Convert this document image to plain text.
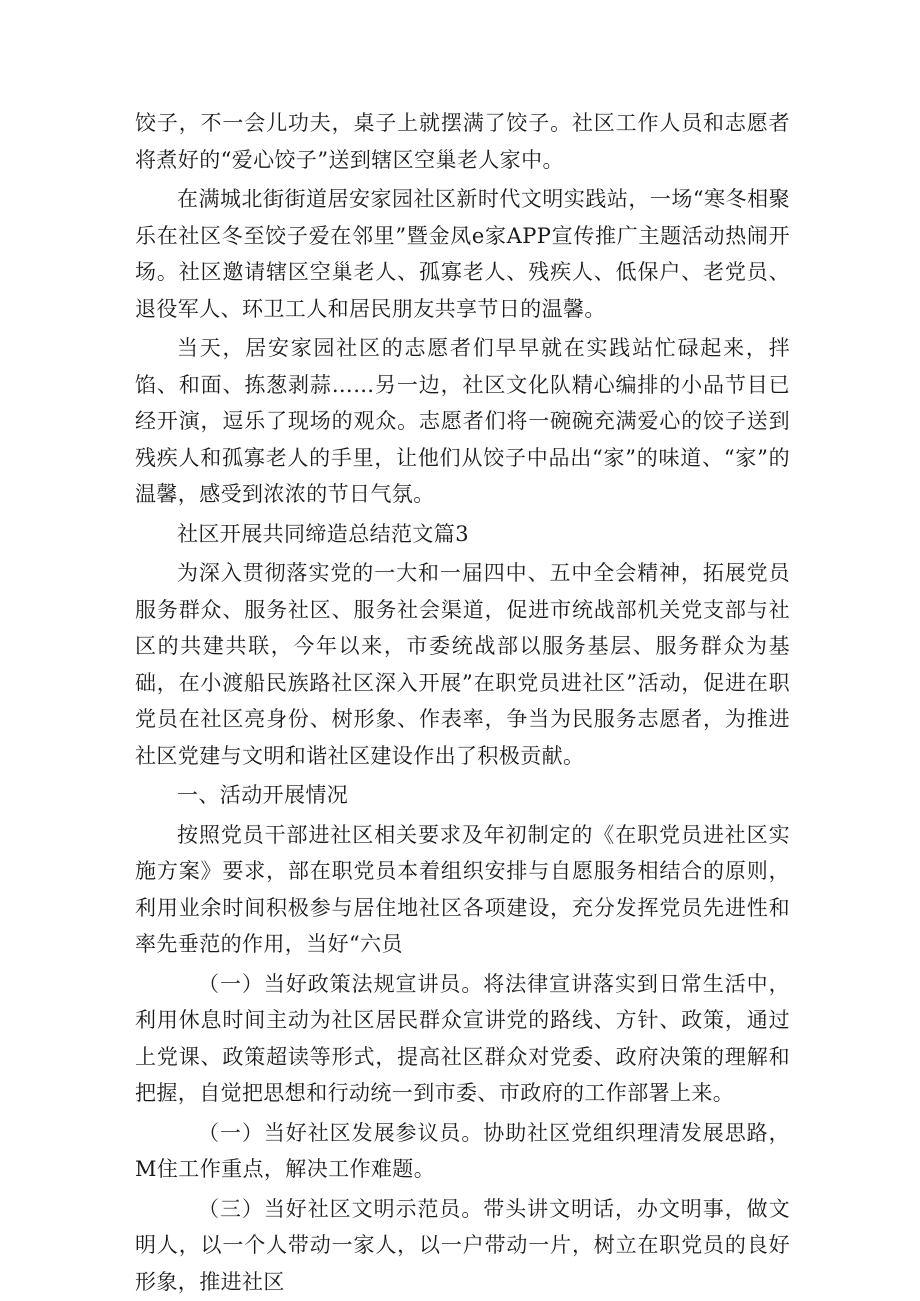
饺子，不一会儿功夫，桌子上就摆满了饺子。社区工作人员和志愿者将煮好的“爱心饺子”送到辖区空巢老人家中。

在满城北街街道居安家园社区新时代文明实践站，一场“寒冬相聚乐在社区冬至饺子爱在邻里”暨金凤e家APP宣传推广主题活动热闹开场。社区邀请辖区空巢老人、孤寡老人、残疾人、低保户、老党员、退役军人、环卫工人和居民朋友共享节日的温馨。

当天，居安家园社区的志愿者们早早就在实践站忙碌起来，拌馅、和面、拣葱剥蒜……另一边，社区文化队精心编排的小品节目已经开演，逗乐了现场的观众。志愿者们将一碗碗充满爱心的饺子送到残疾人和孤寡老人的手里，让他们从饺子中品出“家”的味道、“家”的温馨，感受到浓浓的节日气氛。

社区开展共同缔造总结范文篇3

为深入贯彻落实党的一大和一届四中、五中全会精神，拓展党员服务群众、服务社区、服务社会渠道，促进市统战部机关党支部与社区的共建共联，今年以来，市委统战部以服务基层、服务群众为基础，在小渡船民族路社区深入开展”在职党员进社区”活动，促进在职党员在社区亮身份、树形象、作表率，争当为民服务志愿者，为推进社区党建与文明和谐社区建设作出了积极贡献。

一、活动开展情况

按照党员干部进社区相关要求及年初制定的《在职党员进社区实施方案》要求，部在职党员本着组织安排与自愿服务相结合的原则，利用业余时间积极参与居住地社区各项建设，充分发挥党员先进性和率先垂范的作用，当好“六员

（一）当好政策法规宣讲员。将法律宣讲落实到日常生活中，利用休息时间主动为社区居民群众宣讲党的路线、方针、政策，通过上党课、政策超读等形式，提高社区群众对党委、政府决策的理解和把握，自觉把思想和行动统一到市委、市政府的工作部署上来。

（一）当好社区发展参议员。协助社区党组织理清发展思路，M住工作重点，解决工作难题。

（三）当好社区文明示范员。带头讲文明话，办文明事，做文明人，以一个人带动一家人，以一户带动一片，树立在职党员的良好形象，推进社区
